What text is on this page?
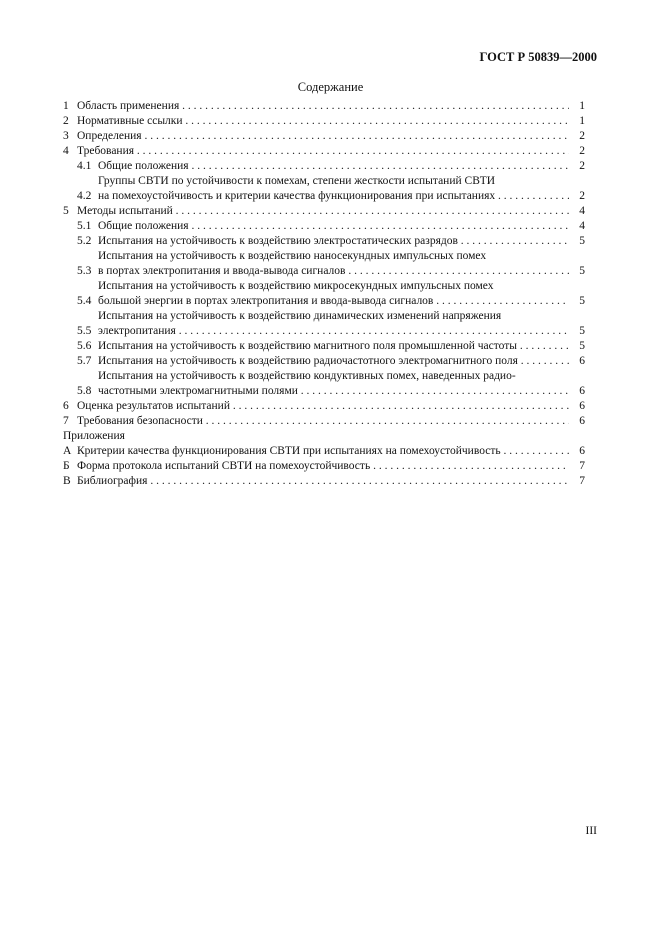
ГОСТ Р 50839—2000
Содержание
1 Область применения . . .	1
2 Нормативные ссылки . . .	1
3 Определения . . .	2
4 Требования . . .	2
4.1 Общие положения . . .	2
4.2
Группы СВТИ по устойчивости к помехам, степени жесткости испытаний СВТИ
на помехоустойчивость и критерии качества функционирования при испытаниях . . .	2
5 Методы испытаний . . .	4
5.1 Общие положения . . .	4
5.2 Испытания на устойчивость к воздействию электростатических разрядов . . .	5
5.3
Испытания на устойчивость к воздействию наносекундных импульсных помех
в портах электропитания и ввода-вывода сигналов . . .	5
5.4
Испытания на устойчивость к воздействию микросекундных импульсных помех
большой энергии в портах электропитания и ввода-вывода сигналов . . .	5
5.5
Испытания на устойчивость к воздействию динамических изменений напряжения
электропитания . . .	5
5.6 Испытания на устойчивость к воздействию магнитного поля промышленной частоты . . .	5
5.7 Испытания на устойчивость к воздействию радиочастотного электромагнитного поля . . .	6
5.8
Испытания на устойчивость к воздействию кондуктивных помех, наведенных радио-
частотными электромагнитными полями . . .	6
6 Оценка результатов испытаний . . .	6
7 Требования безопасности . . .	6
Приложения
А Критерии качества функционирования СВТИ при испытаниях на помехоустойчивость . . .	6
Б Форма протокола испытаний СВТИ на помехоустойчивость . . .	7
В Библиография . . .	7
III
